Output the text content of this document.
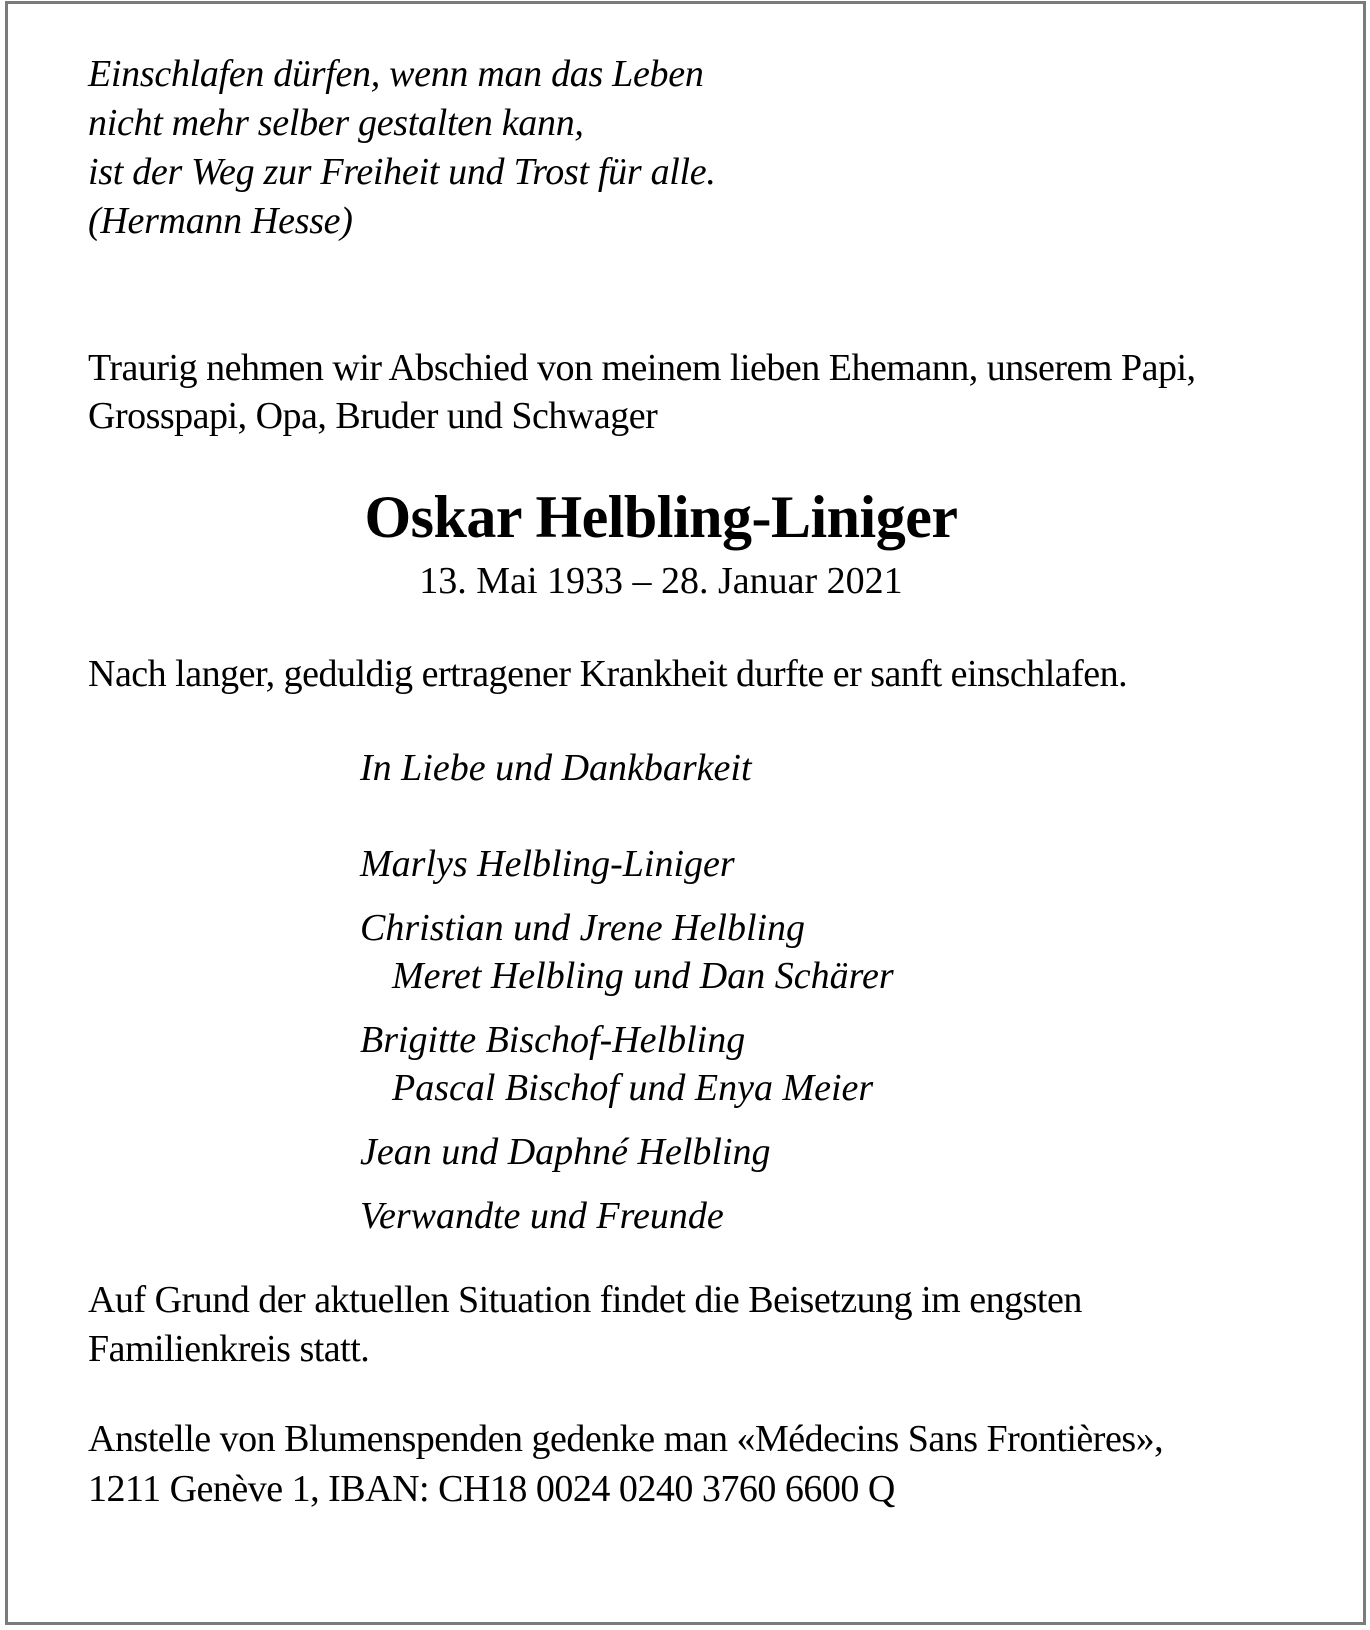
Einschlafen dürfen, wenn man das Leben
nicht mehr selber gestalten kann,
ist der Weg zur Freiheit und Trost für alle.
(Hermann Hesse)
Traurig nehmen wir Abschied von meinem lieben Ehemann, unserem Papi,
Grosspapi, Opa, Bruder und Schwager
Oskar Helbling-Liniger
13. Mai 1933 – 28. Januar 2021
Nach langer, geduldig ertragener Krankheit durfte er sanft einschlafen.
In Liebe und Dankbarkeit
Marlys Helbling-Liniger
Christian und Jrene Helbling
Meret Helbling und Dan Schärer
Brigitte Bischof-Helbling
Pascal Bischof und Enya Meier
Jean und Daphné Helbling
Verwandte und Freunde
Auf Grund der aktuellen Situation findet die Beisetzung im engsten
Familienkreis statt.
Anstelle von Blumenspenden gedenke man «Médecins Sans Frontières»,
1211 Genève 1, IBAN: CH18 0024 0240 3760 6600 Q
